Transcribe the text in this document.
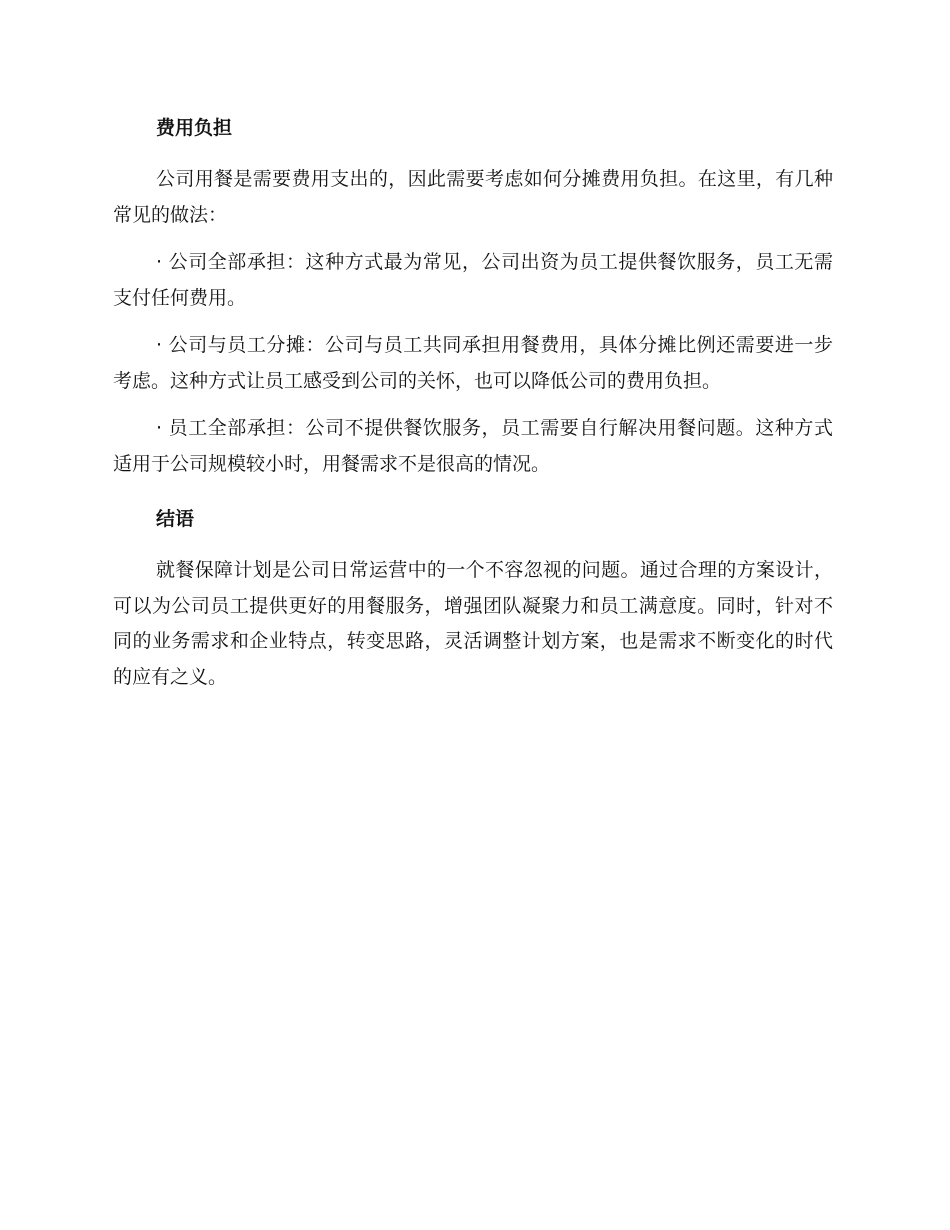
费用负担

公司用餐是需要费用支出的，因此需要考虑如何分摊费用负担。在这里，有几种常见的做法：

· 公司全部承担：这种方式最为常见，公司出资为员工提供餐饮服务，员工无需支付任何费用。

· 公司与员工分摊：公司与员工共同承担用餐费用，具体分摊比例还需要进一步考虑。这种方式让员工感受到公司的关怀，也可以降低公司的费用负担。

· 员工全部承担：公司不提供餐饮服务，员工需要自行解决用餐问题。这种方式适用于公司规模较小时，用餐需求不是很高的情况。

结语

就餐保障计划是公司日常运营中的一个不容忽视的问题。通过合理的方案设计，可以为公司员工提供更好的用餐服务，增强团队凝聚力和员工满意度。同时，针对不同的业务需求和企业特点，转变思路，灵活调整计划方案，也是需求不断变化的时代的应有之义。
